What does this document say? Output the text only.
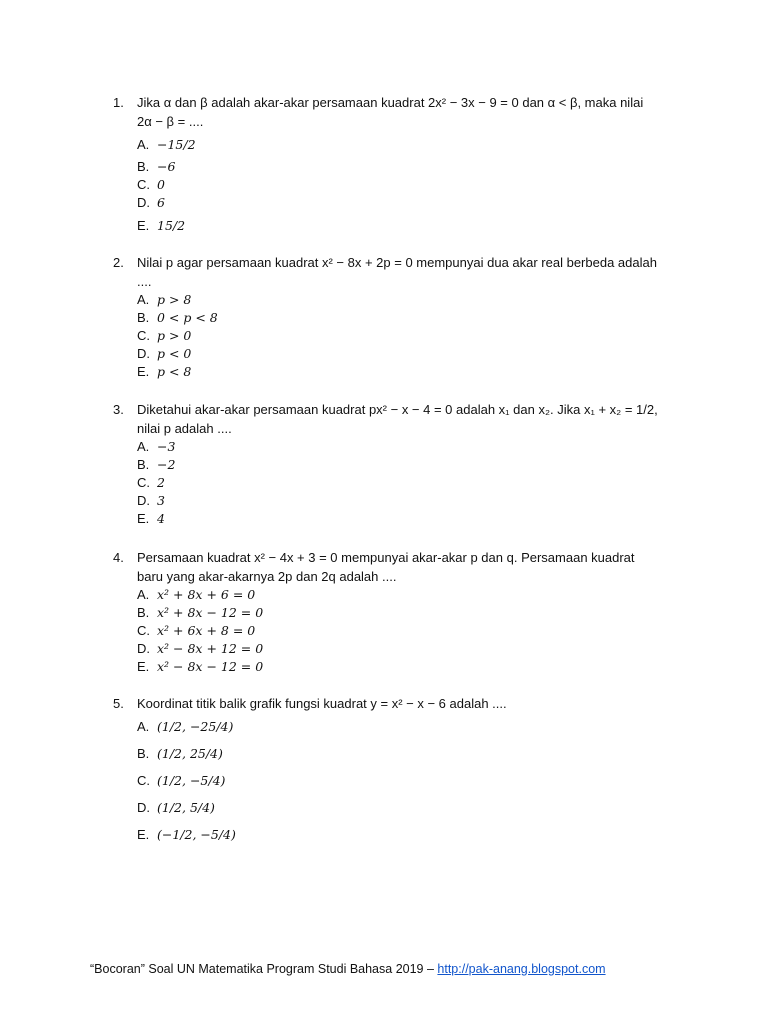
1. Jika α dan β adalah akar-akar persamaan kuadrat 2x² − 3x − 9 = 0 dan α < β, maka nilai
2α − β = ....
A. −15/2
B. −6
C. 0
D. 6
E. 15/2
2. Nilai p agar persamaan kuadrat x² − 8x + 2p = 0 mempunyai dua akar real berbeda adalah
....
A. p > 8
B. 0 < p < 8
C. p > 0
D. p < 0
E. p < 8
3. Diketahui akar-akar persamaan kuadrat px² − x − 4 = 0 adalah x₁ dan x₂. Jika x₁ + x₂ = 1/2,
nilai p adalah ....
A. −3
B. −2
C. 2
D. 3
E. 4
4. Persamaan kuadrat x² − 4x + 3 = 0 mempunyai akar-akar p dan q. Persamaan kuadrat
baru yang akar-akarnya 2p dan 2q adalah ....
A. x² + 8x + 6 = 0
B. x² + 8x − 12 = 0
C. x² + 6x + 8 = 0
D. x² − 8x + 12 = 0
E. x² − 8x − 12 = 0
5. Koordinat titik balik grafik fungsi kuadrat y = x² − x − 6 adalah ....
A. (1/2, −25/4)
B. (1/2, 25/4)
C. (1/2, −5/4)
D. (1/2, 5/4)
E. (−1/2, −5/4)
“Bocoran” Soal UN Matematika Program Studi Bahasa 2019 – http://pak-anang.blogspot.com
